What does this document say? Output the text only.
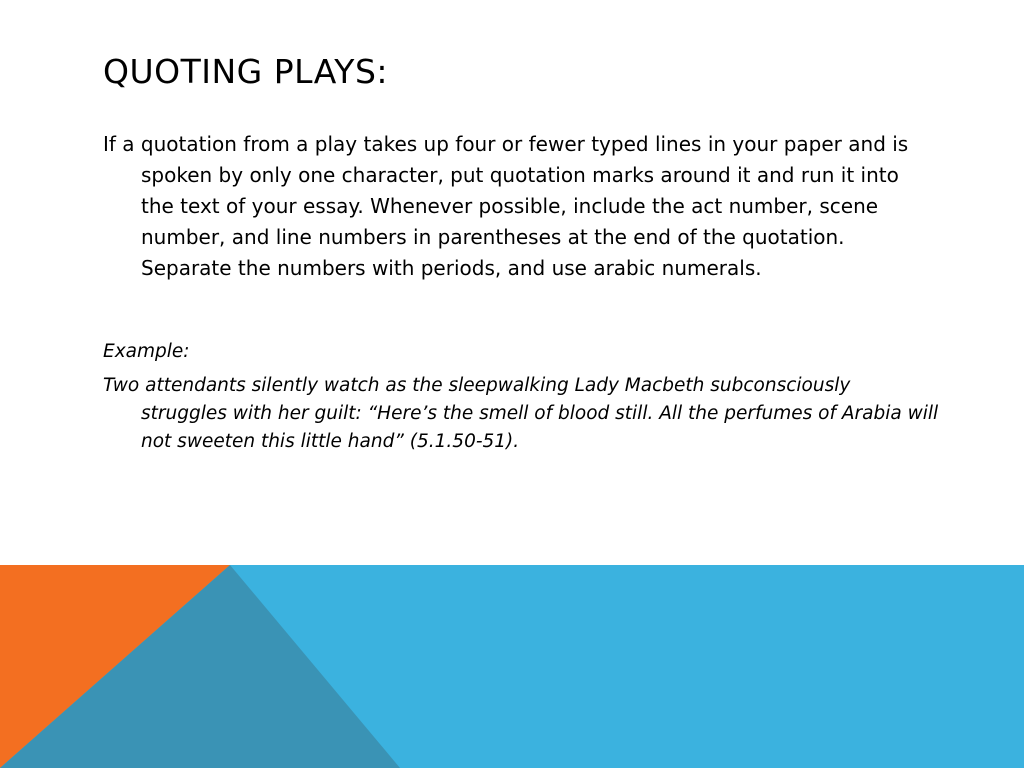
QUOTING PLAYS:

If a quotation from a play takes up four or fewer typed lines in your paper and is spoken by only one character, put quotation marks around it and run it into the text of your essay. Whenever possible, include the act number, scene number, and line numbers in parentheses at the end of the quotation. Separate the numbers with periods, and use arabic numerals.

Example:

Two attendants silently watch as the sleepwalking Lady Macbeth subconsciously struggles with her guilt: “Here’s the smell of blood still. All the perfumes of Arabia will not sweeten this little hand” (5.1.50-51).
